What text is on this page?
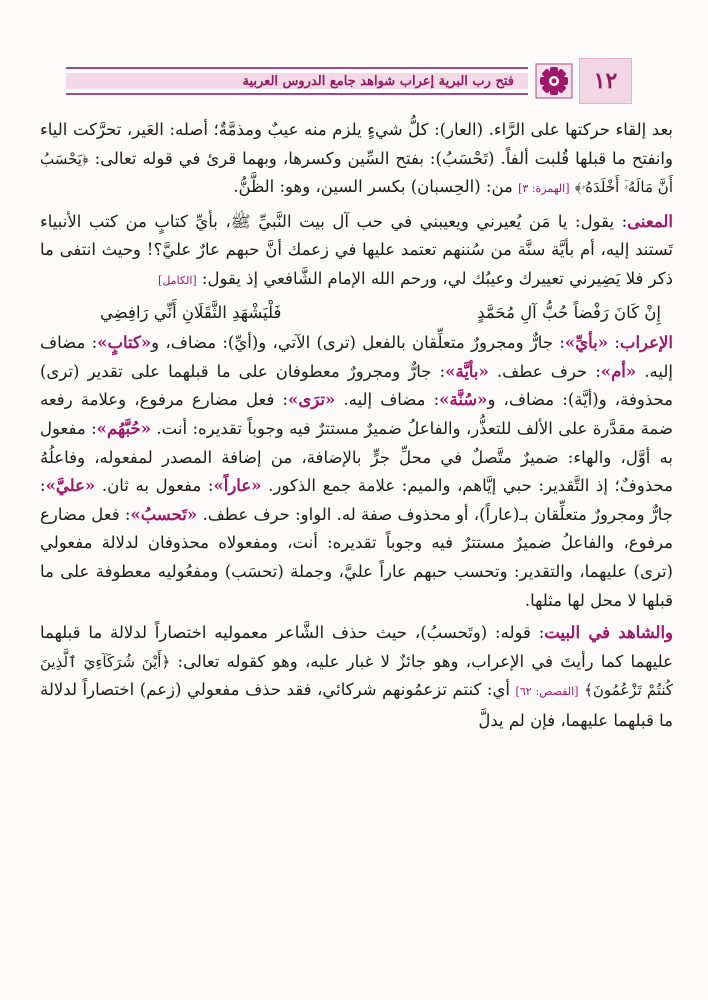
فتح رب البرية إعراب شواهد جامع الدروس العربية	١٢

بعد إلقاء حركتها على الرَّاء. (العار): كلُّ شيءٍ يلزم منه عيبٌ ومذمَّةٌ؛ أصله: العَير، تحرَّكت الياء وانفتح ما قبلها قُلبت ألفاً. (تَحْسَبُ): بفتح السِّين وكسرها، وبهما قرئ في قوله تعالى: ﴿يَحْسَبُ أَنَّ مَالَهُۥٓ أَخْلَدَهُۥ﴾ [الهمزة: ٣] من: (الحِسبان) بكسر السين، وهو: الظَّنُّ.

المعنى: يقول: يا مَن يُعيرني ويعيبني في حب آل بيت النَّبيِّ ﷺ، بأيِّ كتابٍ من كتب الأنبياء تَستند إليه، أم بأيَّة سنَّة من سُننهم تعتمد عليها في زعمك أنَّ حبهم عارٌ عليَّ؟! وحيث انتفى ما ذكر فلا يَضِيرني تعييرك وعيبُك لي، ورحم الله الإمام الشَّافعي إذ يقول: [الكامل]

إِنْ كَانَ رَفْضاً حُبُّ آلِ مُحَمَّدٍ
فَلْيَشْهَدِ الثَّقَلَانِ أَنِّي رَافِضِي

الإعراب: «بأيِّ»: جارٌّ ومجرورٌ متعلِّقان بالفعل (ترى) الآتي، و(أيِّ): مضاف، و«كتابٍ»: مضاف إليه. «أم»: حرف عطف. «بأيَّة»: جارٌّ ومجرورٌ معطوفان على ما قبلهما على تقدير (ترى) محذوفة، و(أيَّة): مضاف، و«سُنَّة»: مضاف إليه. «ترَى»: فعل مضارع مرفوع، وعلامة رفعه ضمة مقدَّرة على الألف للتعذُّر، والفاعلُ ضميرٌ مستترٌ فيه وجوباً تقديره: أنت. «حُبَّهُم»: مفعول به أوَّل، والهاء: ضميرٌ متَّصلٌ في محلِّ جرٍّ بالإضافة، من إضافة المصدر لمفعوله، وفاعلُهُ محذوفٌ؛ إذ التَّقدير: حبي إيَّاهم، والميم: علامة جمع الذكور. «عاراً»: مفعول به ثان. «عليَّ»: جارٌّ ومجرورٌ متعلِّقان بـ(عاراً)، أو محذوف صفة له. الواو: حرف عطف. «تَحسبُ»: فعل مضارع مرفوع، والفاعلُ ضميرٌ مستترٌ فيه وجوباً تقديره: أنت، ومفعولاه محذوفان لدلالة مفعولي (ترى) عليهما، والتقدير: وتحسب حبهم عاراً عليَّ، وجملة (تحسَب) ومفعُوليه معطوفة على ما قبلها لا محل لها مثلها.

والشاهد في البيت: قوله: (وتَحسبُ)، حيث حذف الشَّاعر معموليه اختصاراً لدلالة ما قبلهما عليهما كما رأيتَ في الإعراب، وهو جائزٌ لا غبار عليه، وهو كقوله تعالى: ﴿أَيْنَ شُرَكَآءِيَ ٱلَّذِينَ كُنتُمْ تَزْعُمُونَ﴾ [القصص: ٦٢] أي: كنتم تزعمُونهم شركائي، فقد حذف مفعولي (زعم) اختصاراً لدلالة ما قبلهما عليهما، فإن لم يدلَّ
